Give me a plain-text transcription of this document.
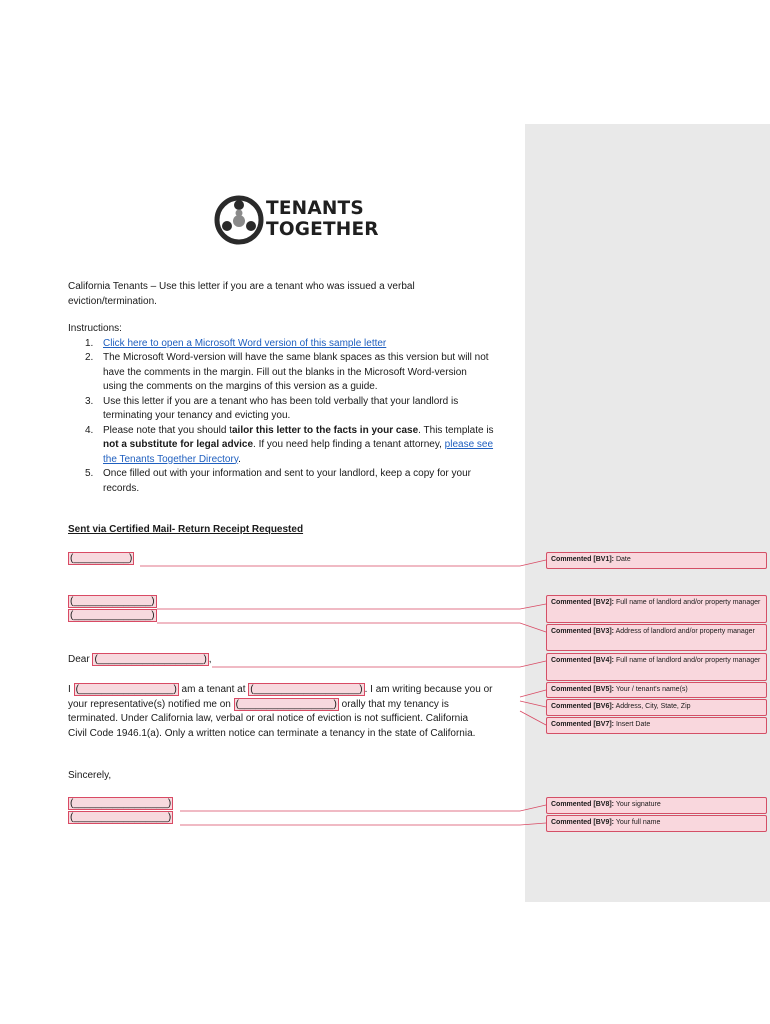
TENANTS
TOGETHER
California Tenants – Use this letter if you are a tenant who was issued a verbal
eviction/termination.
Instructions:
1. Click here to open a Microsoft Word version of this sample letter
2. The Microsoft Word-version will have the same blank spaces as this version but will not
have the comments in the margin. Fill out the blanks in the Microsoft Word-version
using the comments on the margins of this version as a guide.
3. Use this letter if you are a tenant who has been told verbally that your landlord is
terminating your tenancy and evicting you.
4. Please note that you should tailor this letter to the facts in your case. This template is
not a substitute for legal advice. If you need help finding a tenant attorney, please see
the Tenants Together Directory.
5. Once filled out with your information and sent to your landlord, keep a copy for your
records.
Sent via Certified Mail- Return Receipt Requested
(__________)
(______________)
(______________)
Dear (___________________) ,
I (_________________) am a tenant at (___________________) . I am writing because you or
your representative(s) notified me on (_________________) orally that my tenancy is
terminated. Under California law, verbal or oral notice of eviction is not sufficient. California
Civil Code 1946.1(a). Only a written notice can terminate a tenancy in the state of California.
Sincerely,
(_________________)
(_________________)
Commented [BV1]: Date
Commented [BV2]: Full name of landlord and/or property manager
Commented [BV3]: Address of landlord and/or property manager
Commented [BV4]: Full name of landlord and/or property manager
Commented [BV5]: Your / tenant's name(s)
Commented [BV6]: Address, City, State, Zip
Commented [BV7]: Insert Date
Commented [BV8]: Your signature
Commented [BV9]: Your full name
